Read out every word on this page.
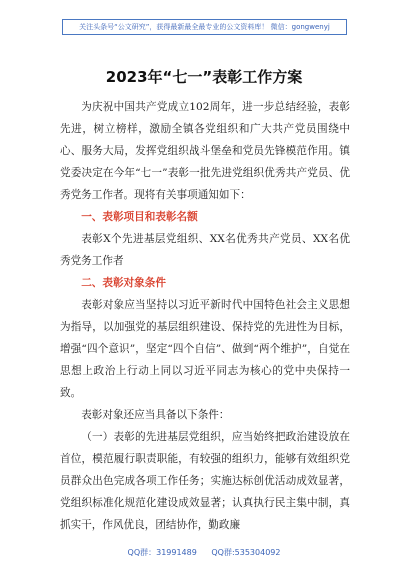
关注头条号“公文研究”，获得最新最全最专业的公文资料库！ 微信：gongwenyj
2023年“七一”表彰工作方案

为庆祝中国共产党成立102周年，进一步总结经验，表彰先进，树立榜样，激励全镇各党组织和广大共产党员围绕中心、服务大局，发挥党组织战斗堡垒和党员先锋模范作用。镇党委决定在今年“七一”表彰一批先进党组织优秀共产党员、优秀党务工作者。现将有关事项通知如下：

一、表彰项目和表彰名额

表彰X个先进基层党组织、XX名优秀共产党员、XX名优秀党务工作者

二、表彰对象条件

表彰对象应当坚持以习近平新时代中国特色社会主义思想为指导，以加强党的基层组织建设、保持党的先进性为目标，增强“四个意识”，坚定“四个自信”、做到“两个维护”，自觉在思想上政治上行动上同以习近平同志为核心的党中央保持一致。

表彰对象还应当具备以下条件：

（一）表彰的先进基层党组织，应当始终把政治建设放在首位，模范履行职责职能，有较强的组织力，能够有效组织党员群众出色完成各项工作任务；实施达标创优活动成效显著，党组织标准化规范化建设成效显著；认真执行民主集中制，真抓实干，作风优良，团结协作，勤政廉

QQ群：31991489 QQ群:535304092
